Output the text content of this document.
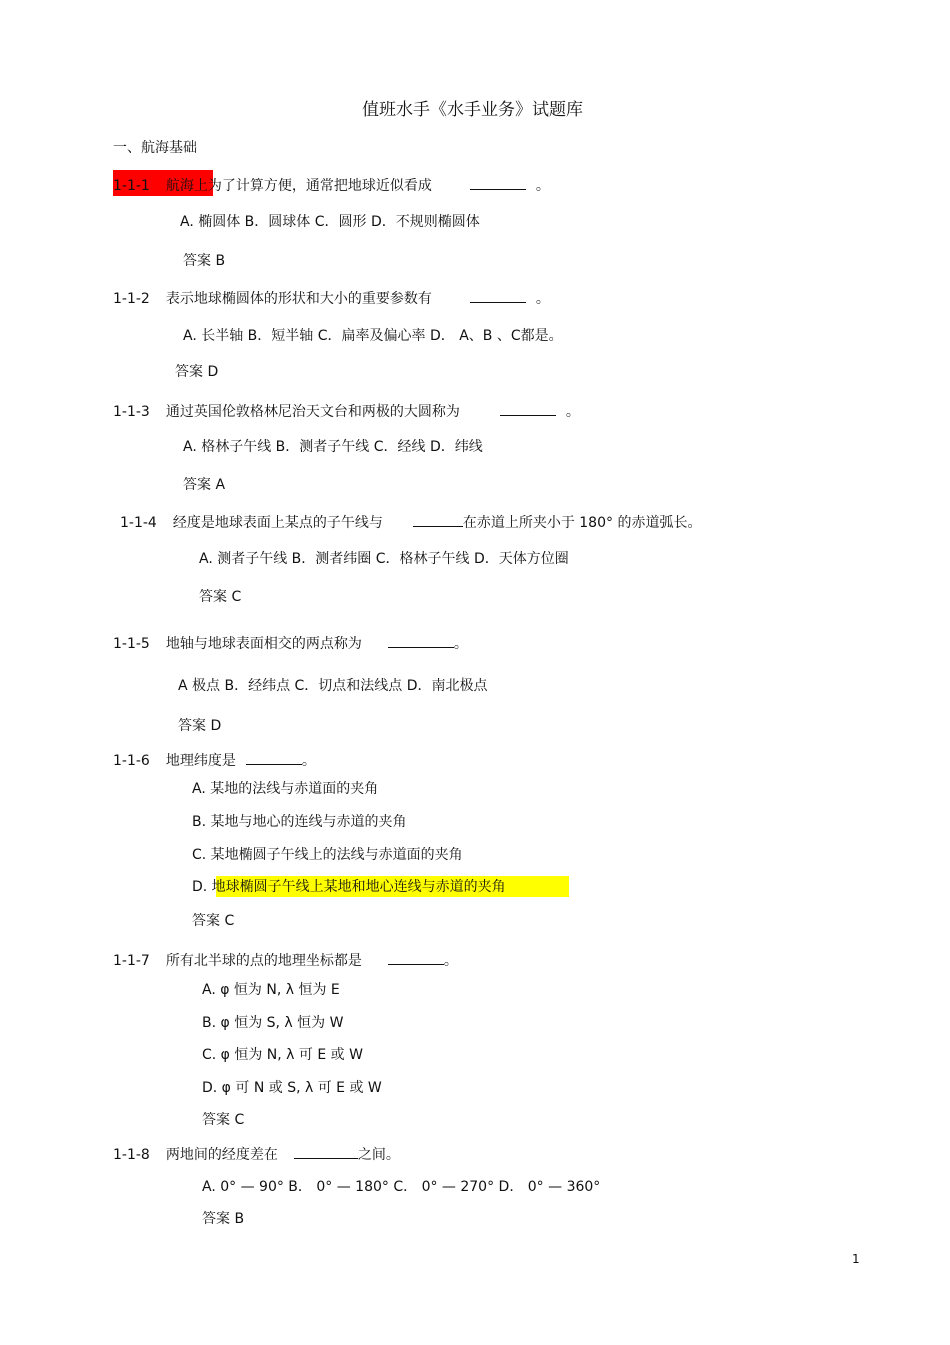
值班水手《水手业务》试题库
一、航海基础
1-1-1 航海上为了计算方便，通常把地球近似看成	。
A. 椭圆体 B．圆球体 C．圆形 D．不规则椭圆体
答案 B
1-1-2 表示地球椭圆体的形状和大小的重要参数有	。
A. 长半轴 B．短半轴 C．扁率及偏心率 D． A、B 、C都是。
答案 D
1-1-3 通过英国伦敦格林尼治天文台和两极的大圆称为	。
A. 格林子午线 B．测者子午线 C．经线 D．纬线
答案 A
1-1-4 经度是地球表面上某点的子午线与	在赤道上所夹小于 180° 的赤道弧长。
A. 测者子午线 B．测者纬圈 C．格林子午线 D．天体方位圈
答案 C
1-1-5 地轴与地球表面相交的两点称为	。
A 极点 B．经纬点 C．切点和法线点 D．南北极点
答案 D
1-1-6 地理纬度是	。
A. 某地的法线与赤道面的夹角
B. 某地与地心的连线与赤道的夹角
C. 某地椭圆子午线上的法线与赤道面的夹角
D. 地球椭圆子午线上某地和地心连线与赤道的夹角
答案 C
1-1-7 所有北半球的点的地理坐标都是	。
A. φ 恒为 N, λ 恒为 E
B. φ 恒为 S, λ 恒为 W
C. φ 恒为 N, λ 可 E 或 W
D. φ 可 N 或 S, λ 可 E 或 W
答案 C
1-1-8 两地间的经度差在	之间。
A. 0° — 90° B． 0° — 180° C． 0° — 270° D． 0° — 360°
答案 B
1
